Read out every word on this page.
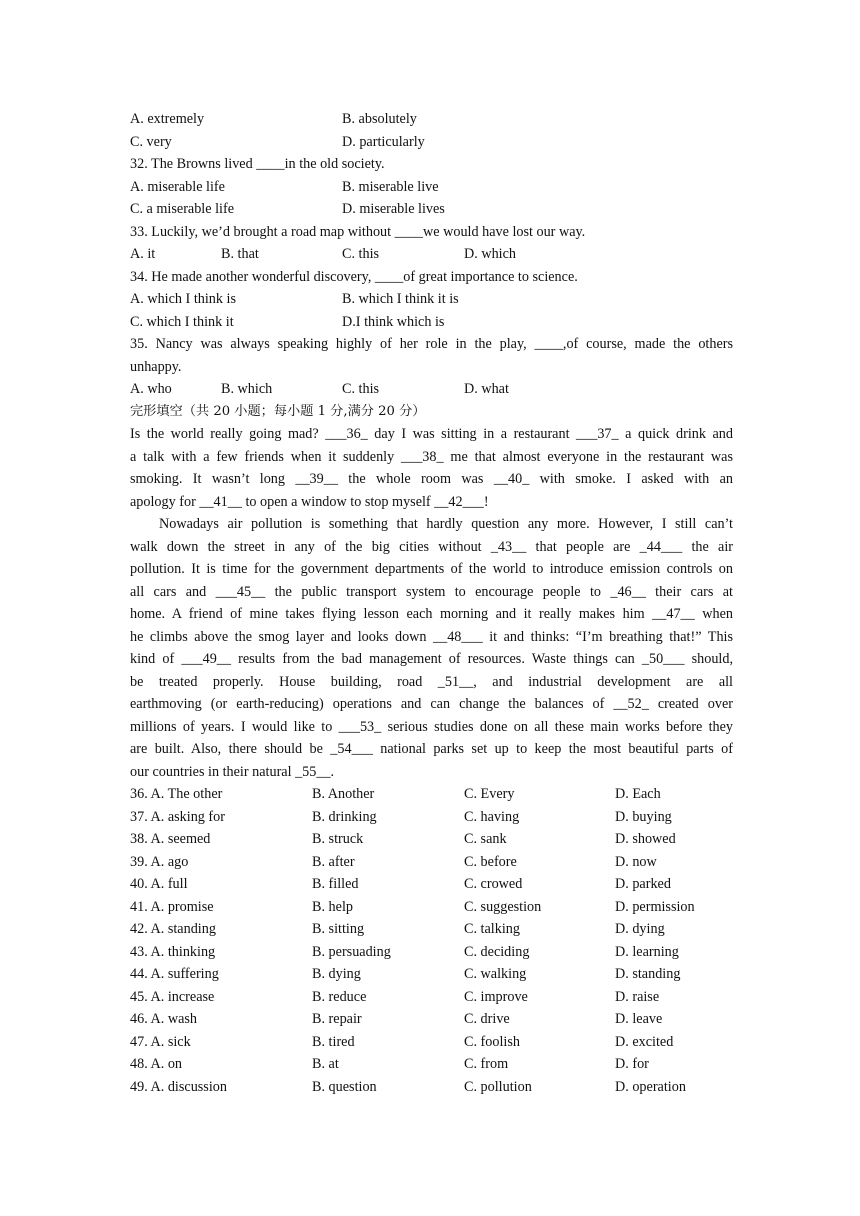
A. extremely	B. absolutely
C. very	D. particularly
32. The Browns lived ____in the old society.
A. miserable life	B. miserable live
C. a miserable life	D. miserable lives
33. Luckily, we’d brought a road map without ____we would have lost our way.
A. it	B. that	C. this	D. which
34. He made another wonderful discovery, ____of great importance to science.
A. which I think is	B. which I think it is
C. which I think it	D.I think which is
35. Nancy was always speaking highly of her role in the play, ____,of course, made the others
unhappy.
A. who	B. which	C. this	D. what
完形填空（共 20 小题；每小题 1 分,满分 20 分）
Is the world really going mad? ___36_ day I was sitting in a restaurant ___37_ a quick drink and
a talk with a few friends when it suddenly ___38_ me that almost everyone in the restaurant was
smoking. It wasn’t long __39__ the whole room was __40_ with smoke. I asked with an
apology for __41__ to open a window to stop myself __42___!
Nowadays air pollution is something that hardly question any more. However, I still can’t
walk down the street in any of the big cities without _43__ that people are _44___ the air
pollution. It is time for the government departments of the world to introduce emission controls on
all cars and ___45__ the public transport system to encourage people to _46__ their cars at
home. A friend of mine takes flying lesson each morning and it really makes him __47__ when
he climbs above the smog layer and looks down __48___ it and thinks: “I’m breathing that!” This
kind of ___49__ results from the bad management of resources. Waste things can _50___ should,
be treated properly. House building, road _51__, and industrial development are all
earthmoving (or earth-reducing) operations and can change the balances of __52_ created over
millions of years. I would like to ___53_ serious studies done on all these main works before they
are built. Also, there should be _54___ national parks set up to keep the most beautiful parts of
our countries in their natural _55__.
36. A. The other	B. Another	C. Every	D. Each
37. A. asking for	B. drinking	C. having	D. buying
38. A. seemed	B. struck	C. sank	D. showed
39. A. ago	B. after	C. before	D. now
40. A. full	B. filled	C. crowed	D. parked
41. A. promise	B. help	C. suggestion	D. permission
42. A. standing	B. sitting	C. talking	D. dying
43. A. thinking	B. persuading	C. deciding	D. learning
44. A. suffering	B. dying	C. walking	D. standing
45. A. increase	B. reduce	C. improve	D. raise
46. A. wash	B. repair	C. drive	D. leave
47. A. sick	B. tired	C. foolish	D. excited
48. A. on	B. at	C. from	D. for
49. A. discussion	B. question	C. pollution	D. operation
